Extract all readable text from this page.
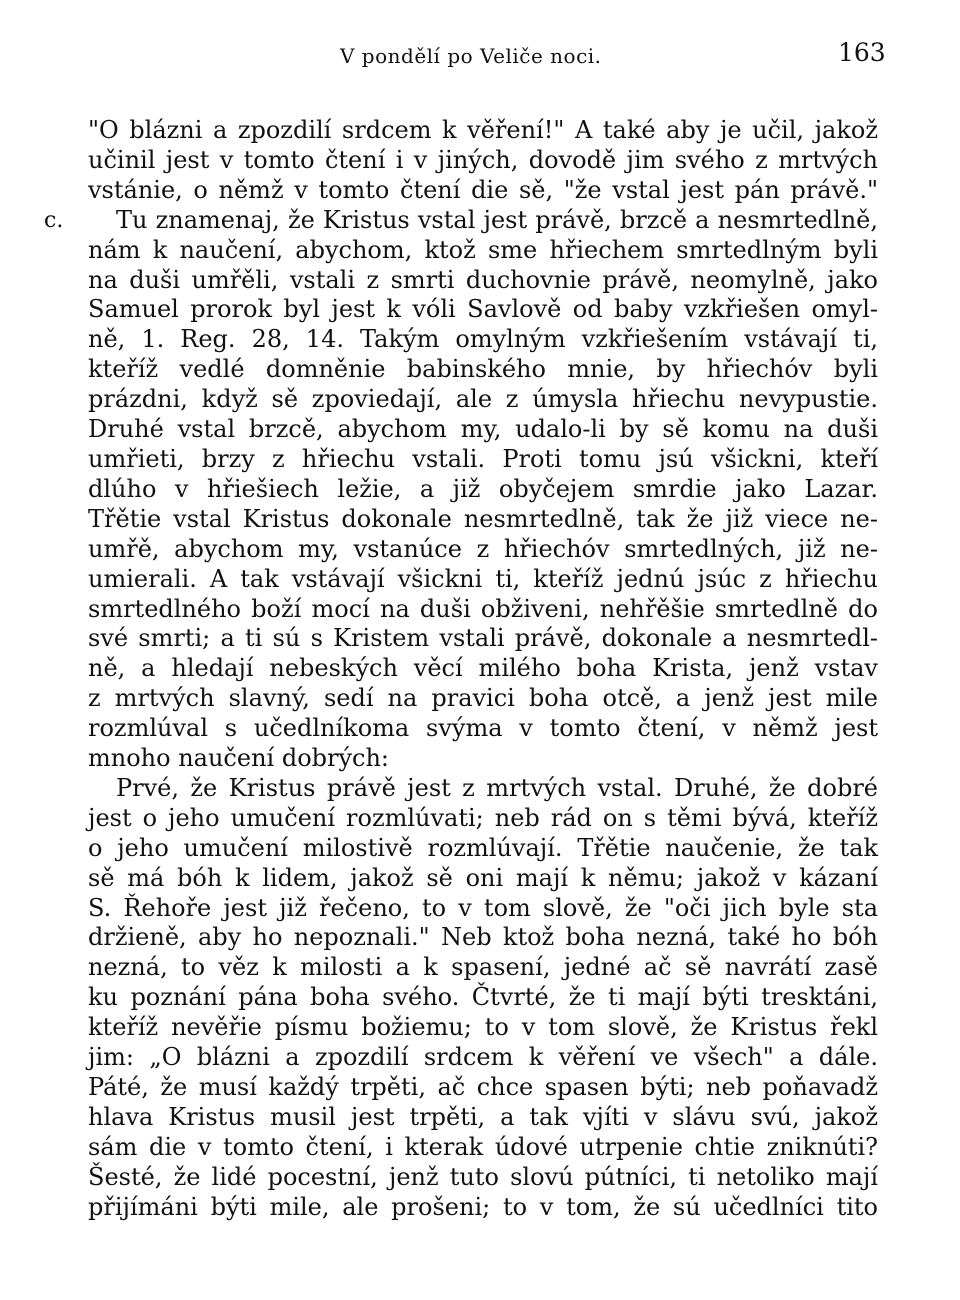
V pondělí po Veliče noci.	163
c.
"O blázni a zpozdilí srdcem k věření!" A také aby je učil, jakož
učinil jest v tomto čtení i v jiných, dovodě jim svého z mrtvých
vstánie, o němž v tomto čtení die sě, "že vstal jest pán právě."
Tu znamenaj, že Kristus vstal jest právě, brzcě a nesmrtedlně,
nám k naučení, abychom, ktož sme hřiechem smrtedlným byli
na duši umřěli, vstali z smrti duchovnie právě, neomylně, jako
Samuel prorok byl jest k vóli Savlově od baby vzkřiešen omyl-
ně, 1. Reg. 28, 14. Takým omylným vzkřiešením vstávají ti,
kteříž vedlé domněnie babinského mnie, by hřiechóv byli
prázdni, když sě zpoviedají, ale z úmysla hřiechu nevypustie.
Druhé vstal brzcě, abychom my, udalo-li by sě komu na duši
umřieti, brzy z hřiechu vstali. Proti tomu jsú všickni, kteří
dlúho v hřiešiech ležie, a již obyčejem smrdie jako Lazar.
Třětie vstal Kristus dokonale nesmrtedlně, tak že již viece ne-
umřě, abychom my, vstanúce z hřiechóv smrtedlných, již ne-
umierali. A tak vstávají všickni ti, kteříž jednú jsúc z hřiechu
smrtedlného boží mocí na duši obživeni, nehřěšie smrtedlně do
své smrti; a ti sú s Kristem vstali právě, dokonale a nesmrtedl-
ně, a hledají nebeských věcí milého boha Krista, jenž vstav
z mrtvých slavný, sedí na pravici boha otcě, a jenž jest mile
rozmlúval s učedlníkoma svýma v tomto čtení, v němž jest
mnoho naučení dobrých:
Prvé, že Kristus právě jest z mrtvých vstal. Druhé, že dobré
jest o jeho umučení rozmlúvati; neb rád on s těmi bývá, kteříž
o jeho umučení milostivě rozmlúvají. Třětie naučenie, že tak
sě má bóh k lidem, jakož sě oni mají k němu; jakož v kázaní
S. Řehoře jest již řečeno, to v tom slově, že "oči jich byle sta
držieně, aby ho nepoznali." Neb ktož boha nezná, také ho bóh
nezná, to věz k milosti a k spasení, jedné ač sě navrátí zasě
ku poznání pána boha svého. Čtvrté, že ti mají býti tresktáni,
kteříž nevěřie písmu božiemu; to v tom slově, že Kristus řekl
jim: „O blázni a zpozdilí srdcem k věření ve všech" a dále.
Páté, že musí každý trpěti, ač chce spasen býti; neb poňavadž
hlava Kristus musil jest trpěti, a tak vjíti v slávu svú, jakož
sám die v tomto čtení, i kterak údové utrpenie chtie zniknúti?
Šesté, že lidé pocestní, jenž tuto slovú pútníci, ti netoliko mají
přijímáni býti mile, ale prošeni; to v tom, že sú učedlníci tito
